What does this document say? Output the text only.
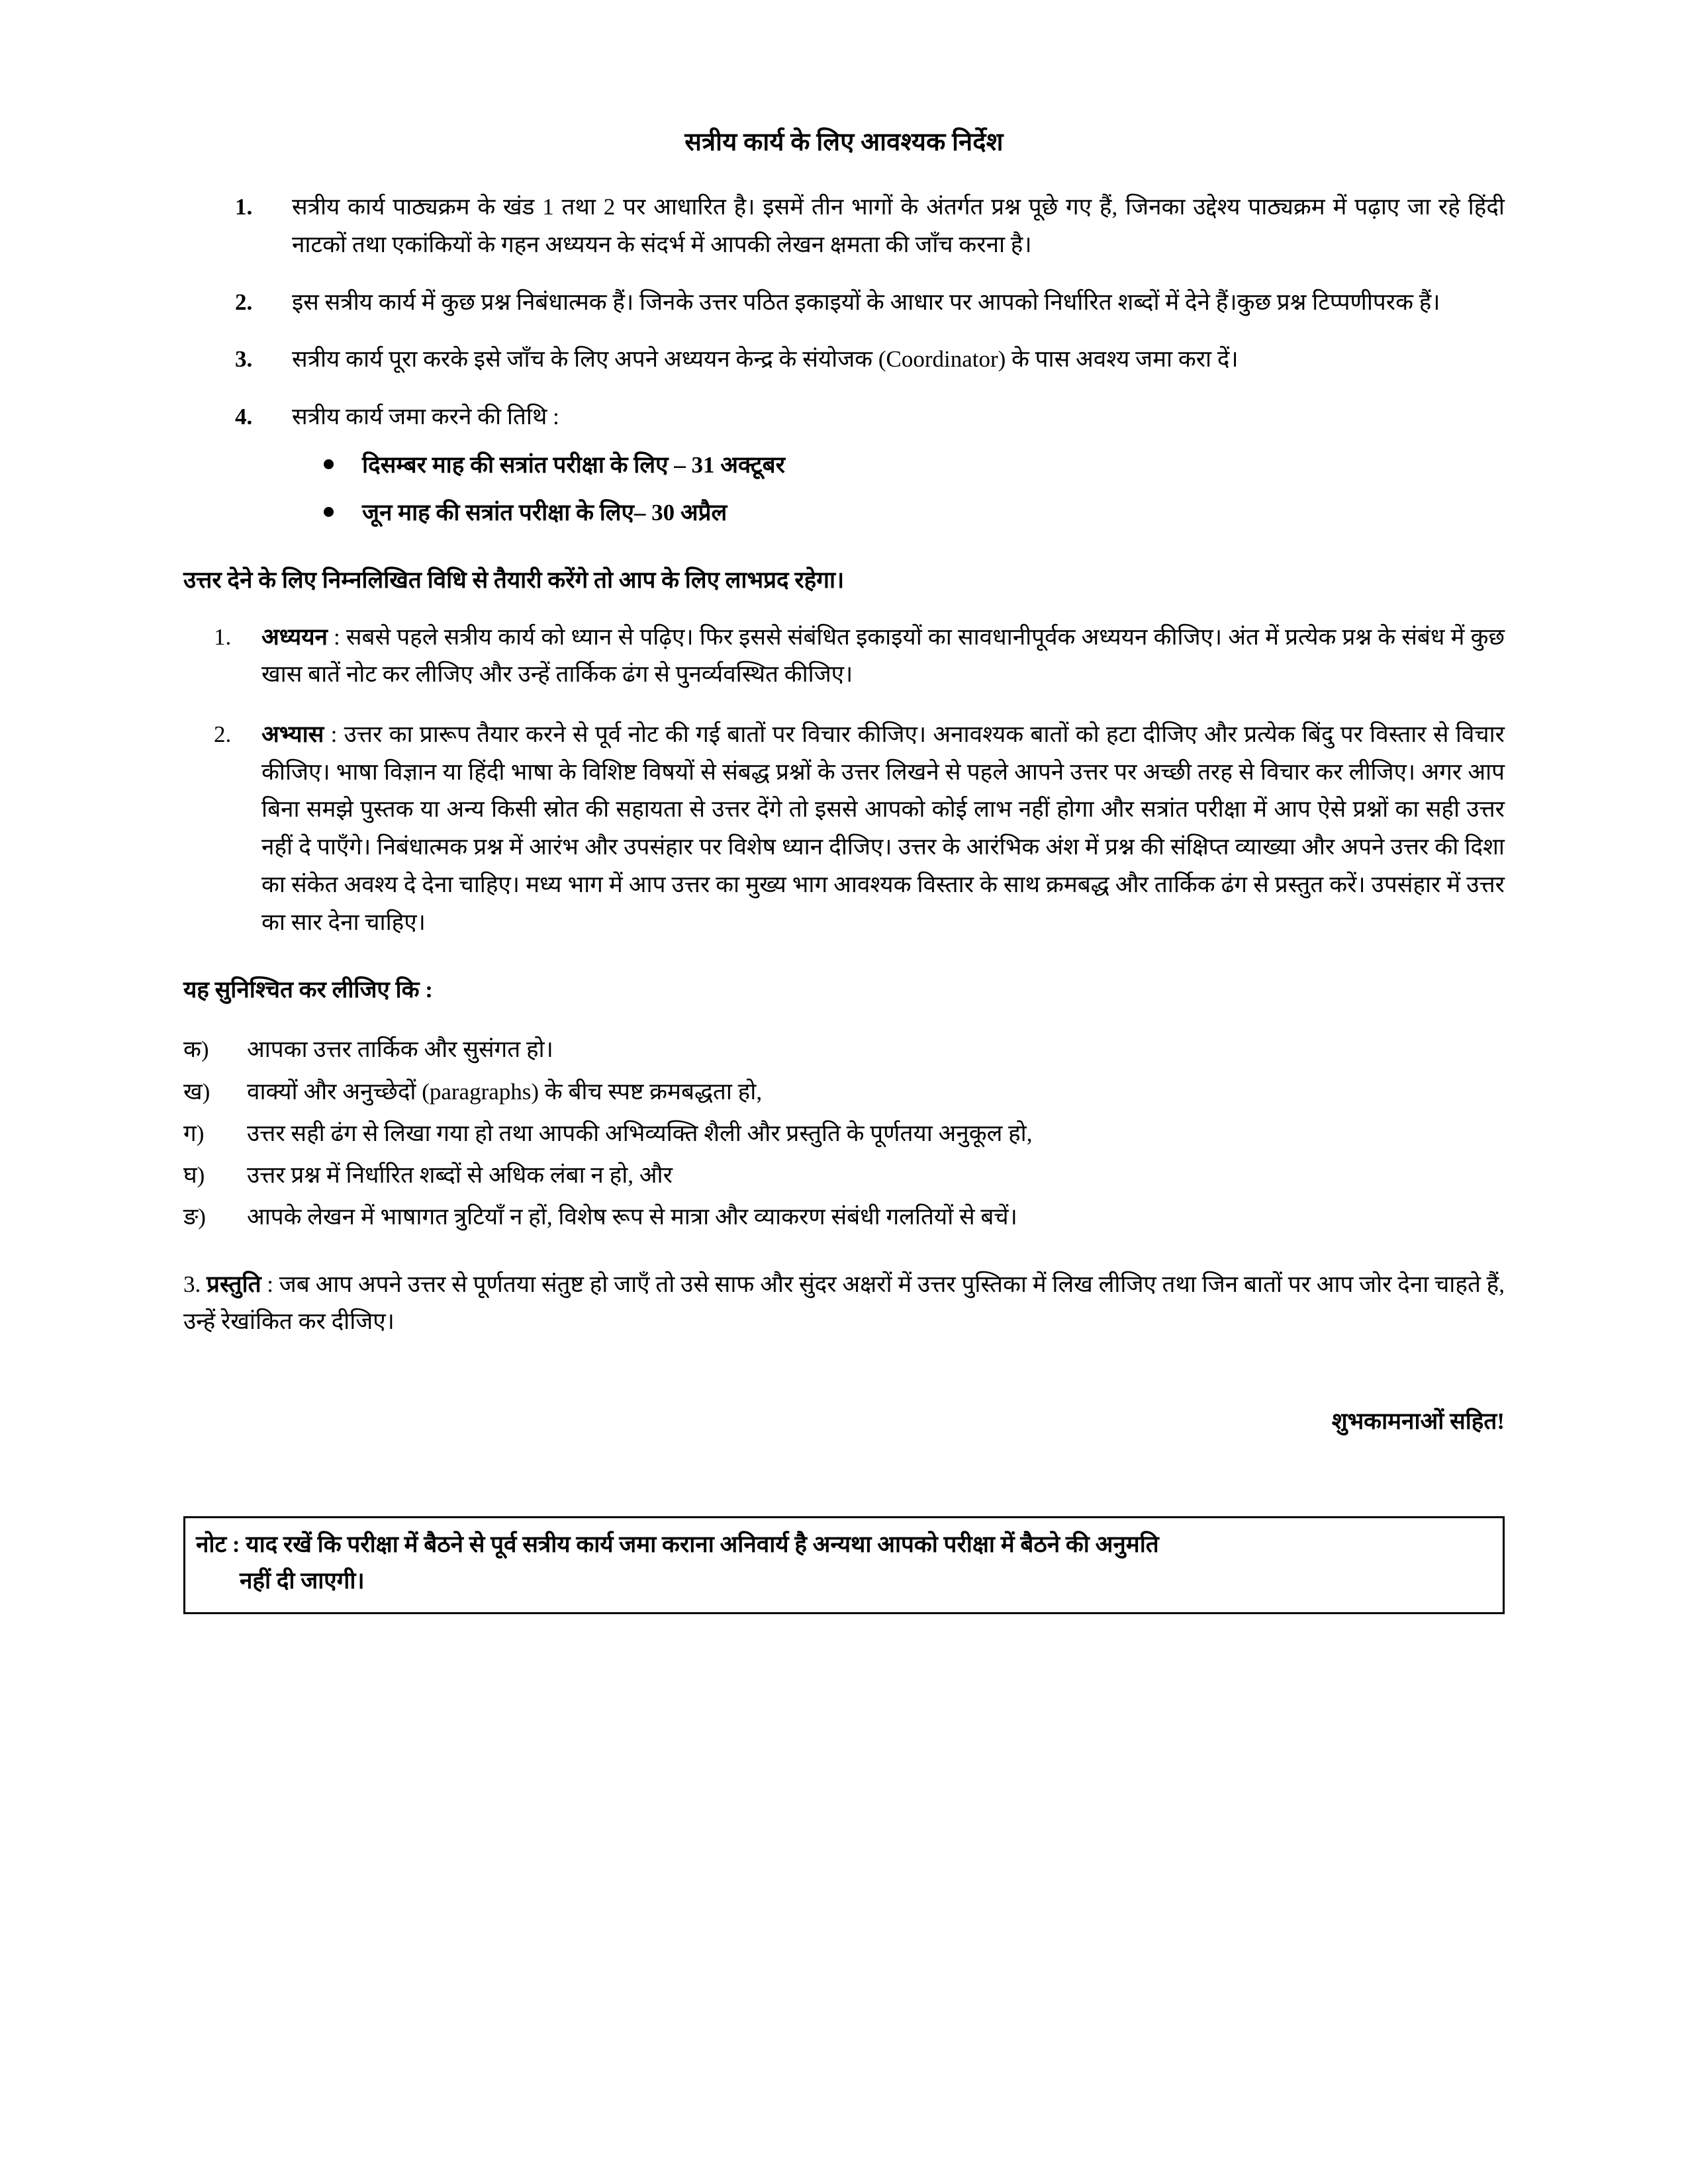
सत्रीय कार्य के लिए आवश्यक निर्देश
1.	सत्रीय कार्य पाठ्यक्रम के खंड 1 तथा 2 पर आधारित है। इसमें तीन भागों के अंतर्गत प्रश्न पूछे गए हैं, जिनका उद्देश्य पाठ्यक्रम में पढ़ाए जा रहे हिंदी नाटकों तथा एकांकियों के गहन अध्ययन के संदर्भ में आपकी लेखन क्षमता की जाँच करना है।
2.	इस सत्रीय कार्य में कुछ प्रश्न निबंधात्मक हैं। जिनके उत्तर पठित इकाइयों के आधार पर आपको निर्धारित शब्दों में देने हैं।कुछ प्रश्न टिप्पणीपरक हैं।
3.	सत्रीय कार्य पूरा करके इसे जाँच के लिए अपने अध्ययन केन्द्र के संयोजक (Coordinator) के पास अवश्य जमा करा दें।
4.	सत्रीय कार्य जमा करने की तिथि :
दिसम्बर माह की सत्रांत परीक्षा के लिए – 31 अक्टूबर
जून माह की सत्रांत परीक्षा के लिए– 30 अप्रैल

उत्तर देने के लिए निम्नलिखित विधि से तैयारी करेंगे तो आप के लिए लाभप्रद रहेगा।

1. अध्ययन : सबसे पहले सत्रीय कार्य को ध्यान से पढ़िए। फिर इससे संबंधित इकाइयों का सावधानीपूर्वक अध्ययन कीजिए। अंत में प्रत्येक प्रश्न के संबंध में कुछ खास बातें नोट कर लीजिए और उन्हें तार्किक ढंग से पुनर्व्यवस्थित कीजिए।
2. अभ्यास : उत्तर का प्रारूप तैयार करने से पूर्व नोट की गई बातों पर विचार कीजिए। अनावश्यक बातों को हटा दीजिए और प्रत्येक बिंदु पर विस्तार से विचार कीजिए। भाषा विज्ञान या हिंदी भाषा के विशिष्ट विषयों से संबद्ध प्रश्नों के उत्तर लिखने से पहले आपने उत्तर पर अच्छी तरह से विचार कर लीजिए। अगर आप बिना समझे पुस्तक या अन्य किसी स्रोत की सहायता से उत्तर देंगे तो इससे आपको कोई लाभ नहीं होगा और सत्रांत परीक्षा में आप ऐसे प्रश्नों का सही उत्तर नहीं दे पाएँगे। निबंधात्मक प्रश्न में आरंभ और उपसंहार पर विशेष ध्यान दीजिए। उत्तर के आरंभिक अंश में प्रश्न की संक्षिप्त व्याख्या और अपने उत्तर की दिशा का संकेत अवश्य दे देना चाहिए। मध्य भाग में आप उत्तर का मुख्य भाग आवश्यक विस्तार के साथ क्रमबद्ध और तार्किक ढंग से प्रस्तुत करें। उपसंहार में उत्तर का सार देना चाहिए।

यह सुनिश्चित कर लीजिए कि :

क) आपका उत्तर तार्किक और सुसंगत हो।
ख) वाक्यों और अनुच्छेदों (paragraphs) के बीच स्पष्ट क्रमबद्धता हो,
ग) उत्तर सही ढंग से लिखा गया हो तथा आपकी अभिव्यक्ति शैली और प्रस्तुति के पूर्णतया अनुकूल हो,
घ) उत्तर प्रश्न में निर्धारित शब्दों से अधिक लंबा न हो, और
ङ) आपके लेखन में भाषागत त्रुटियाँ न हों, विशेष रूप से मात्रा और व्याकरण संबंधी गलतियों से बचें।

3. प्रस्तुति : जब आप अपने उत्तर से पूर्णतया संतुष्ट हो जाएँ तो उसे साफ और सुंदर अक्षरों में उत्तर पुस्तिका में लिख लीजिए तथा जिन बातों पर आप जोर देना चाहते हैं, उन्हें रेखांकित कर दीजिए।

शुभकामनाओं सहित!

नोट : याद रखें कि परीक्षा में बैठने से पूर्व सत्रीय कार्य जमा कराना अनिवार्य है अन्यथा आपको परीक्षा में बैठने की अनुमति
नहीं दी जाएगी।
